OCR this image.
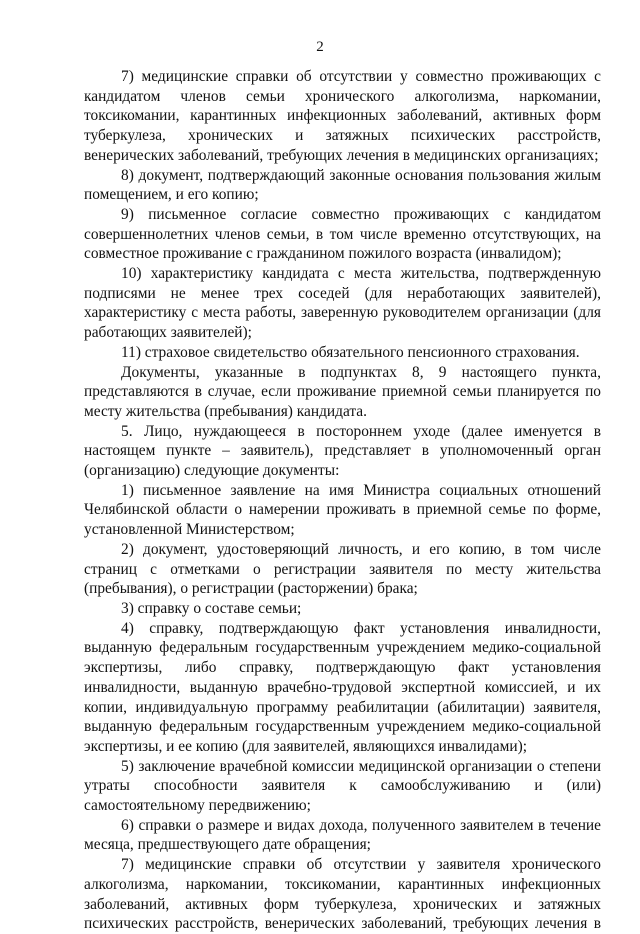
2

7) медицинские справки об отсутствии у совместно проживающих с кандидатом членов семьи хронического алкоголизма, наркомании, токсикомании, карантинных инфекционных заболеваний, активных форм туберкулеза, хронических и затяжных психических расстройств, венерических заболеваний, требующих лечения в медицинских организациях;

8) документ, подтверждающий законные основания пользования жилым помещением, и его копию;

9) письменное согласие совместно проживающих с кандидатом совершеннолетних членов семьи, в том числе временно отсутствующих, на совместное проживание с гражданином пожилого возраста (инвалидом);

10) характеристику кандидата с места жительства, подтвержденную подписями не менее трех соседей (для неработающих заявителей), характеристику с места работы, заверенную руководителем организации (для работающих заявителей);

11) страховое свидетельство обязательного пенсионного страхования.

Документы, указанные в подпунктах 8, 9 настоящего пункта, представляются в случае, если проживание приемной семьи планируется по месту жительства (пребывания) кандидата.

5. Лицо, нуждающееся в постороннем уходе (далее именуется в настоящем пункте – заявитель), представляет в уполномоченный орган (организацию) следующие документы:

1) письменное заявление на имя Министра социальных отношений Челябинской области о намерении проживать в приемной семье по форме, установленной Министерством;

2) документ, удостоверяющий личность, и его копию, в том числе страниц с отметками о регистрации заявителя по месту жительства (пребывания), о регистрации (расторжении) брака;

3) справку о составе семьи;

4) справку, подтверждающую факт установления инвалидности, выданную федеральным государственным учреждением медико-социальной экспертизы, либо справку, подтверждающую факт установления инвалидности, выданную врачебно-трудовой экспертной комиссией, и их копии, индивидуальную программу реабилитации (абилитации) заявителя, выданную федеральным государственным учреждением медико-социальной экспертизы, и ее копию (для заявителей, являющихся инвалидами);

5) заключение врачебной комиссии медицинской организации о степени утраты способности заявителя к самообслуживанию и (или) самостоятельному передвижению;

6) справки о размере и видах дохода, полученного заявителем в течение месяца, предшествующего дате обращения;

7) медицинские справки об отсутствии у заявителя хронического алкоголизма, наркомании, токсикомании, карантинных инфекционных заболеваний, активных форм туберкулеза, хронических и затяжных психических расстройств, венерических заболеваний, требующих лечения в
